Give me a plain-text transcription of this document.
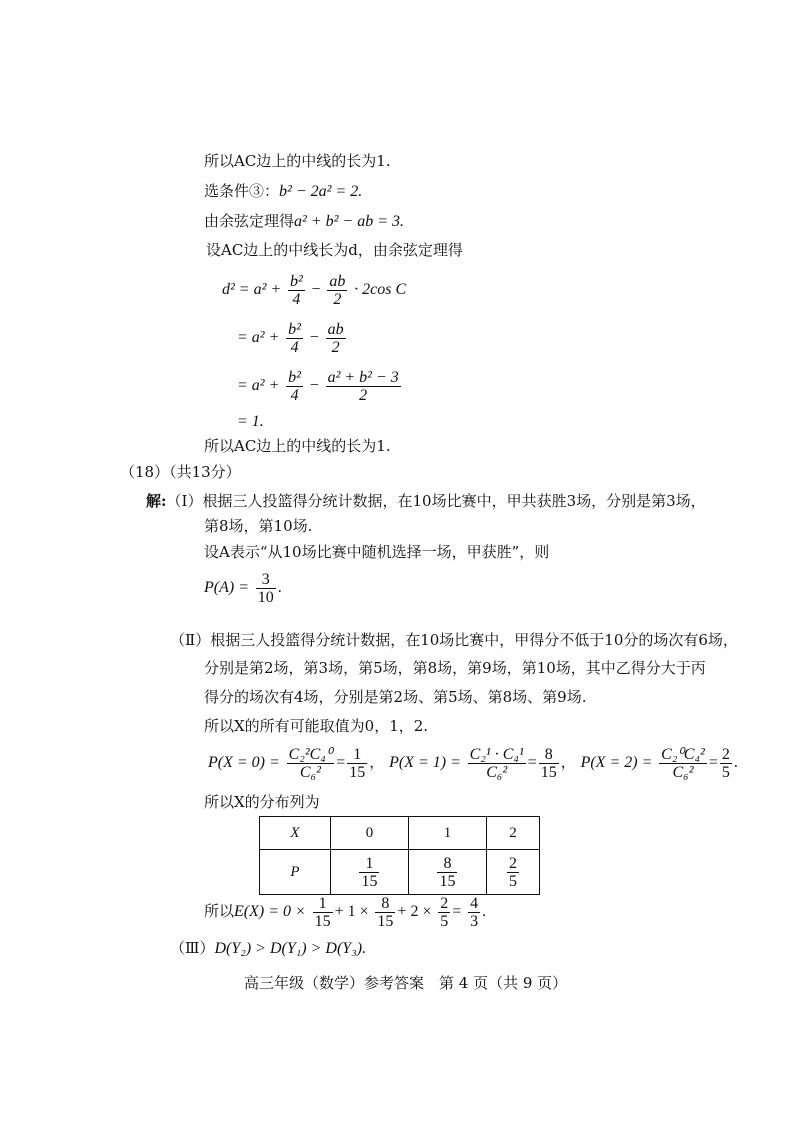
所以AC边上的中线的长为1.
选条件③：b² − 2a² = 2.
由余弦定理得a² + b² − ab = 3.
设AC边上的中线长为d，由余弦定理得
$d^2 = a^2 + \frac{\text{b²}}{4} - \frac{ab}{2} \cdot 2\cos$ C
= $a^2 + \frac{\text{b²}}{4} - \frac{ab}{2}$
= $a^2 + \frac{\text{b²}}{4} - \frac{\text{a² + b² − 3}}{2}$
= 1.
所以AC边上的中线的长为1.
（18）（共13分）
解:（Ⅰ）根据三人投篮得分统计数据，在10场比赛中，甲共获胜3场，分别是第3场，
第8场，第10场.
设A表示“从10场比赛中随机选择一场，甲获胜”，则
$P(A) = \frac{3}{10}$ .
（Ⅱ）根据三人投篮得分统计数据，在10场比赛中，甲得分不低于10分的场次有6场，
分别是第2场，第3场，第5场，第8场，第9场，第10场，其中乙得分大于丙
得分的场次有4场，分别是第2场、第5场、第8场、第9场.
所以X的所有可能取值为0，1，2.
$P(X = 0) = \frac{\text{C₂²C₄⁰}}{\text{C₆²}} = \frac{1}{15}$ ， $P(X = 1) = \frac{\text{C₂¹ · C₄¹}}{\text{C₆²}} = \frac{8}{15}$ ， $P(X = 2) = \frac{\text{C₂⁰C₄²}}{\text{C₆²}} = \frac{2}{5}$ .
所以X的分布列为
X	0	1	2
P	$\frac{1}{15}$	$\frac{8}{15}$	$\frac{2}{5}$
所以$E(X) = 0 \times \frac{1}{15} + 1 \times \frac{8}{15} + 2 \times \frac{2}{5} = \frac{4}{3}$ .
（Ⅲ）D(Y₂) > D(Y₁) > D(Y₃).
高三年级（数学）参考答案　第 4 页（共 9 页）
